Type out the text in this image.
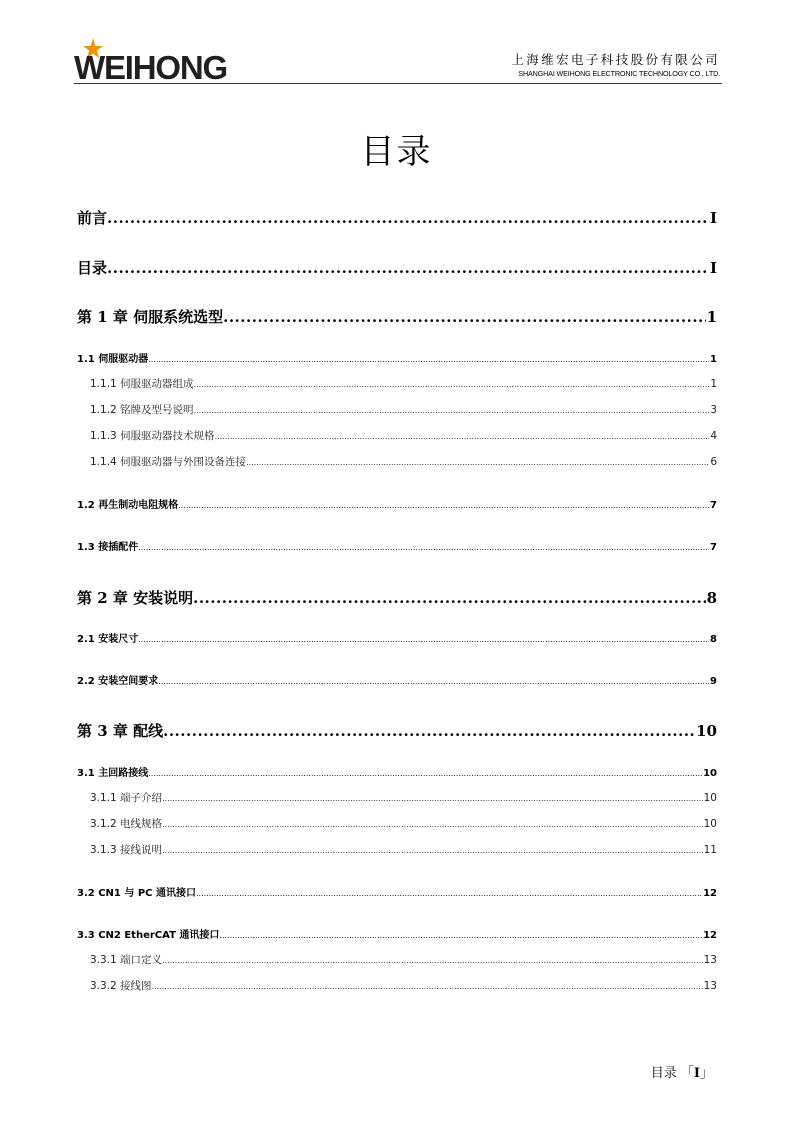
WEIHONG	上海维宏电子科技股份有限公司
SHANGHAI WEIHONG ELECTRONIC TECHNOLOGY CO., LTD.
目录
前言 .....	I
目录 .....	I
第 1 章 伺服系统选型 .....	1
1.1 伺服驱动器 .....	1
1.1.1 伺服驱动器组成 .....	1
1.1.2 铭牌及型号说明 .....	3
1.1.3 伺服驱动器技术规格 .....	4
1.1.4 伺服驱动器与外围设备连接 .....	6
1.2 再生制动电阻规格 .....	7
1.3 接插配件 .....	7
第 2 章 安装说明 .....	8
2.1 安装尺寸 .....	8
2.2 安装空间要求 .....	9
第 3 章 配线 .....	10
3.1 主回路接线 .....	10
3.1.1 端子介绍 .....	10
3.1.2 电线规格 .....	10
3.1.3 接线说明 .....	11
3.2 CN1 与 PC 通讯接口 .....	12
3.3 CN2 EtherCAT 通讯接口 .....	12
3.3.1 端口定义 .....	13
3.3.2 接线图 .....	13
目录 「I」
